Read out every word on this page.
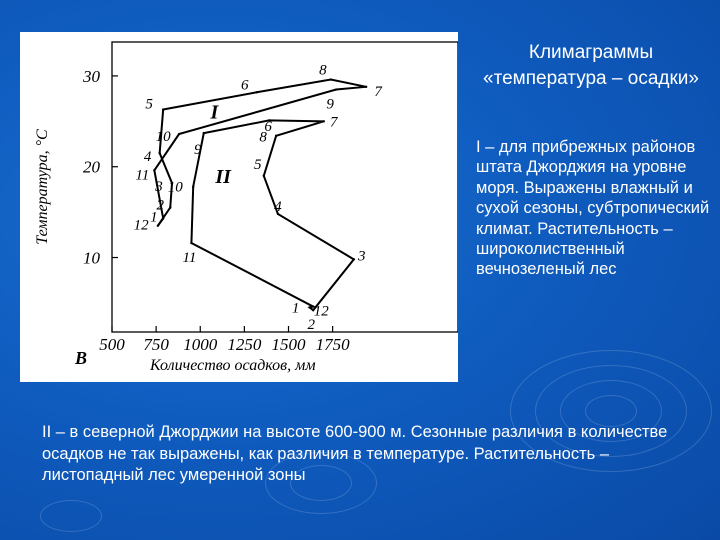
500 750 1000 1250 1500 1750
10
20
30
Количество осадков, мм
Температура, °C
B
1
2
3
4
5
6
8
7
9
10
11
12
I
1
2
3
4
5
6	7
8
9
10
11
12
II
Климаграммы «температура – осадки»
I – для прибрежных районов штата Джорджия на уровне моря. Выражены влажный и сухой сезоны, субтропический климат. Растительность – широколиственный вечнозеленый лес
II – в северной Джорджии на высоте 600-900 м. Сезонные различия в количестве осадков не так выражены, как различия в температуре. Растительность – листопадный лес умеренной зоны
